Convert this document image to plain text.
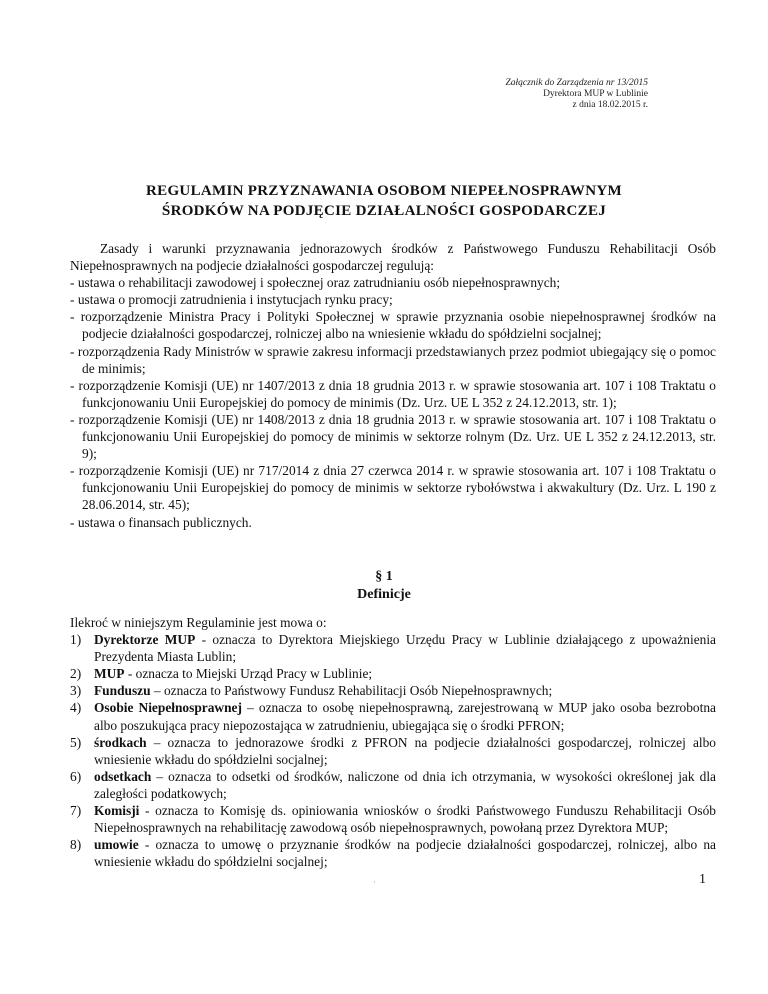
Załącznik do Zarządzenia nr 13/2015
Dyrektora MUP w Lublinie
z dnia 18.02.2015 r.
REGULAMIN PRZYZNAWANIA OSOBOM NIEPEŁNOSPRAWNYM
ŚRODKÓW NA PODJĘCIE DZIAŁALNOŚCI GOSPODARCZEJ

Zasady i warunki przyznawania jednorazowych środków z Państwowego Funduszu Rehabilitacji Osób Niepełnosprawnych na podjecie działalności gospodarczej regulują:

- ustawa o rehabilitacji zawodowej i społecznej oraz zatrudnianiu osób niepełnosprawnych;
- ustawa o promocji zatrudnienia i instytucjach rynku pracy;
- rozporządzenie Ministra Pracy i Polityki Społecznej w sprawie przyznania osobie niepełnosprawnej środków na podjecie działalności gospodarczej, rolniczej albo na wniesienie wkładu do spółdzielni socjalnej;
- rozporządzenia Rady Ministrów w sprawie zakresu informacji przedstawianych przez podmiot ubiegający się o pomoc de minimis;
- rozporządzenie Komisji (UE) nr 1407/2013 z dnia 18 grudnia 2013 r. w sprawie stosowania art. 107 i 108 Traktatu o funkcjonowaniu Unii Europejskiej do pomocy de minimis (Dz. Urz. UE L 352 z 24.12.2013, str. 1);
- rozporządzenie Komisji (UE) nr 1408/2013 z dnia 18 grudnia 2013 r. w sprawie stosowania art. 107 i 108 Traktatu o funkcjonowaniu Unii Europejskiej do pomocy de minimis w sektorze rolnym (Dz. Urz. UE L 352 z 24.12.2013, str. 9);
- rozporządzenie Komisji (UE) nr 717/2014 z dnia 27 czerwca 2014 r. w sprawie stosowania art. 107 i 108 Traktatu o funkcjonowaniu Unii Europejskiej do pomocy de minimis w sektorze rybołówstwa i akwakultury (Dz. Urz. L 190 z 28.06.2014, str. 45);
- ustawa o finansach publicznych.
§ 1
Definicje

Ilekroć w niniejszym Regulaminie jest mowa o:

1) Dyrektorze MUP - oznacza to Dyrektora Miejskiego Urzędu Pracy w Lublinie działającego z upoważnienia Prezydenta Miasta Lublin;
2) MUP - oznacza to Miejski Urząd Pracy w Lublinie;
3) Funduszu – oznacza to Państwowy Fundusz Rehabilitacji Osób Niepełnosprawnych;
4) Osobie Niepełnosprawnej – oznacza to osobę niepełnosprawną, zarejestrowaną w MUP jako osoba bezrobotna albo poszukująca pracy niepozostająca w zatrudnieniu, ubiegająca się o środki PFRON;
5) środkach – oznacza to jednorazowe środki z PFRON na podjecie działalności gospodarczej, rolniczej albo wniesienie wkładu do spółdzielni socjalnej;
6) odsetkach – oznacza to odsetki od środków, naliczone od dnia ich otrzymania, w wysokości określonej jak dla zaległości podatkowych;
7) Komisji - oznacza to Komisję ds. opiniowania wniosków o środki Państwowego Funduszu Rehabilitacji Osób Niepełnosprawnych na rehabilitację zawodową osób niepełnosprawnych, powołaną przez Dyrektora MUP;
8) umowie - oznacza to umowę o przyznanie środków na podjecie działalności gospodarczej, rolniczej, albo na wniesienie wkładu do spółdzielni socjalnej;
·	1
